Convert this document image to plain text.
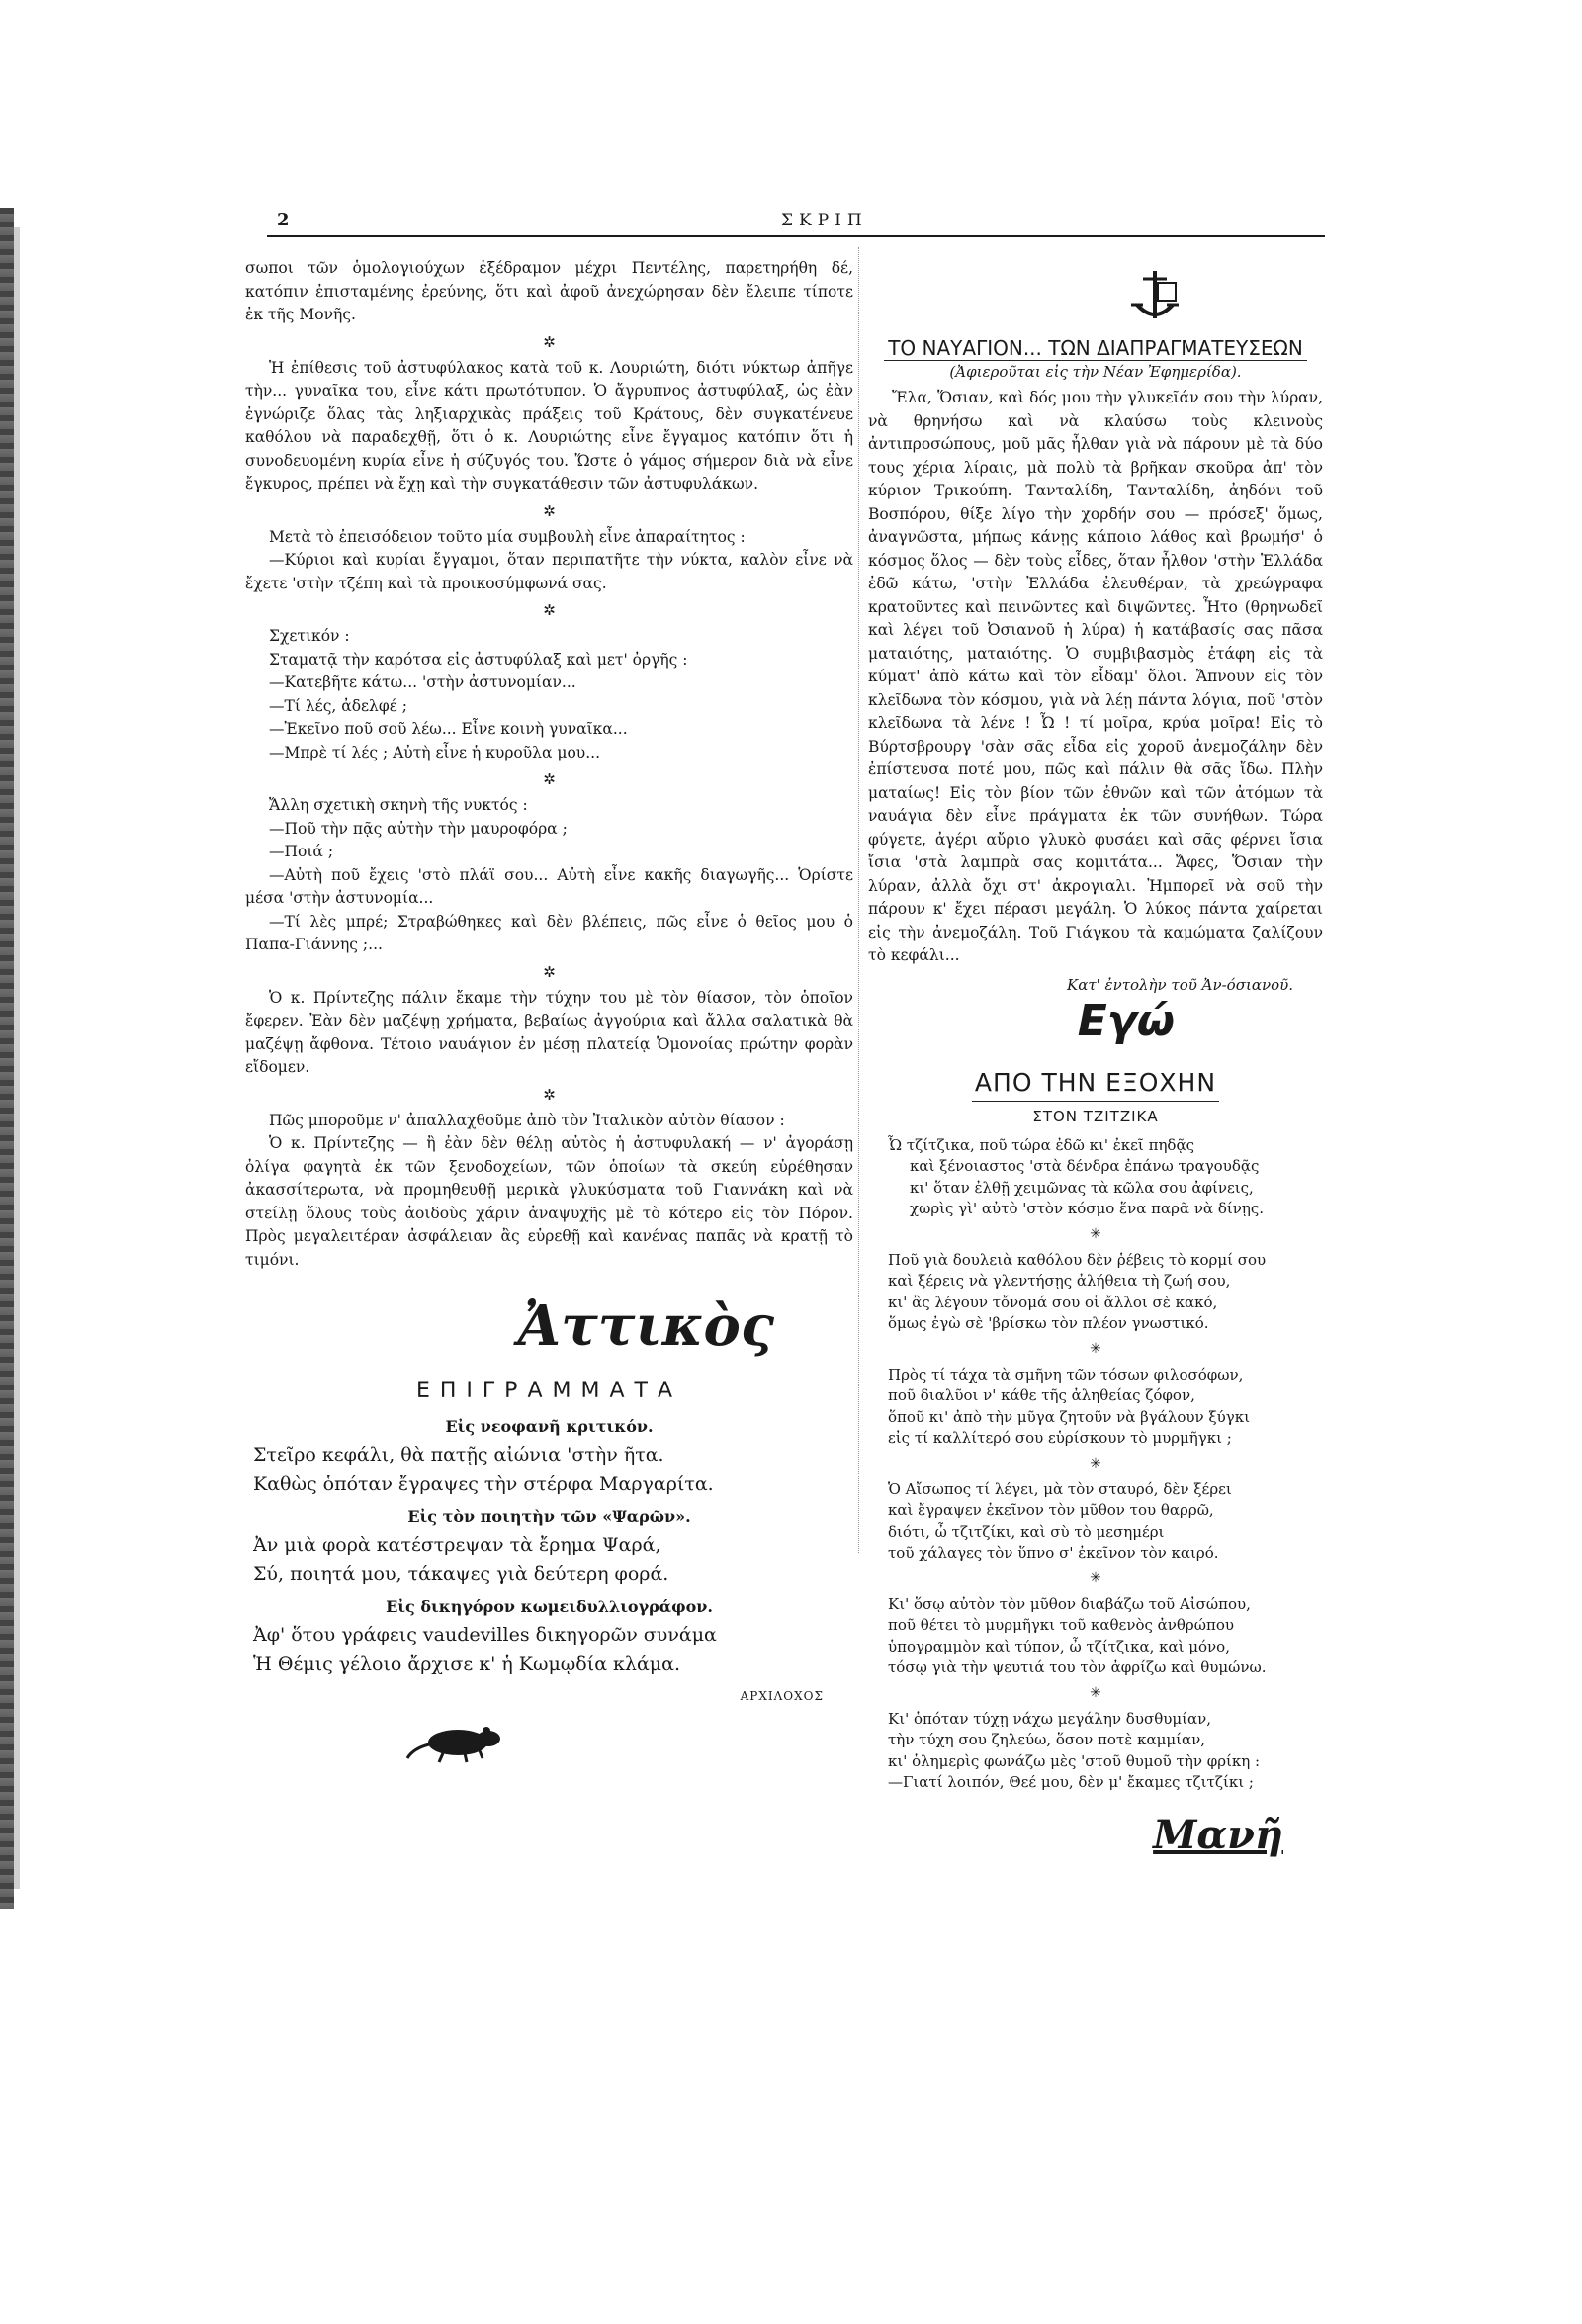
2	ΣΚΡΙΠ

σωποι τῶν ὁμολογιούχων ἐξέδραμον μέχρι Πεντέλης, παρετηρήθη δέ, κατόπιν ἐπισταμένης ἐρεύνης, ὅτι καὶ ἀφοῦ ἀνεχώρησαν δὲν ἔλειπε τίποτε ἐκ τῆς Μονῆς.

✲

Ἡ ἐπίθεσις τοῦ ἀστυφύλακος κατὰ τοῦ κ. Λουριώτη, διότι νύκτωρ ἀπῆγε τὴν... γυναῖκα του, εἶνε κάτι πρωτότυπον. Ὁ ἄγρυπνος ἀστυφύλαξ, ὡς ἐὰν ἐγνώριζε ὅλας τὰς ληξιαρχικὰς πράξεις τοῦ Κράτους, δὲν συγκατένευε καθόλου νὰ παραδεχθῇ, ὅτι ὁ κ. Λουριώτης εἶνε ἔγγαμος κατόπιν ὅτι ἡ συνοδευομένη κυρία εἶνε ἡ σύζυγός του. Ὥστε ὁ γάμος σήμερον διὰ νὰ εἶνε ἔγκυρος, πρέπει νὰ ἔχῃ καὶ τὴν συγκατάθεσιν τῶν ἀστυφυλάκων.

✲

Μετὰ τὸ ἐπεισόδειον τοῦτο μία συμβουλὴ εἶνε ἀπαραίτητος :

—Κύριοι καὶ κυρίαι ἔγγαμοι, ὅταν περιπατῆτε τὴν νύκτα, καλὸν εἶνε νὰ ἔχετε 'στὴν τζέπη καὶ τὰ προικοσύμφωνά σας.

✲
Σχετικόν :
Σταματᾷ τὴν καρότσα εἰς ἀστυφύλαξ καὶ μετ' ὀργῆς :
—Κατεβῆτε κάτω... 'στὴν ἀστυνομίαν...
—Τί λές, ἀδελφέ ;
—Ἐκεῖνο ποῦ σοῦ λέω... Εἶνε κοινὴ γυναῖκα...
—Μπρὲ τί λές ; Αὐτὴ εἶνε ἡ κυροῦλα μου...
✲
Ἄλλη σχετικὴ σκηνὴ τῆς νυκτός :
—Ποῦ τὴν πᾷς αὐτὴν τὴν μαυροφόρα ;
—Ποιά ;

—Αὐτὴ ποῦ ἔχεις 'στὸ πλάϊ σου... Αὐτὴ εἶνε κακῆς διαγωγῆς... Ὁρίστε μέσα 'στὴν ἀστυνομία...

—Τί λὲς μπρέ; Στραβώθηκες καὶ δὲν βλέπεις, πῶς εἶνε ὁ θεῖος μου ὁ Παπα-Γιάννης ;...

✲

Ὁ κ. Πρίντεζης πάλιν ἔκαμε τὴν τύχην του μὲ τὸν θίασον, τὸν ὁποῖον ἔφερεν. Ἐὰν δὲν μαζέψῃ χρήματα, βεβαίως ἀγγούρια καὶ ἄλλα σαλατικὰ θὰ μαζέψῃ ἄφθονα. Τέτοιο ναυάγιον ἐν μέσῃ πλατείᾳ Ὁμονοίας πρώτην φορὰν εἴδομεν.

✲

Πῶς μποροῦμε ν' ἀπαλλαχθοῦμε ἀπὸ τὸν Ἰταλικὸν αὐτὸν θίασον :

Ὁ κ. Πρίντεζης — ἢ ἐὰν δὲν θέλῃ αὐτὸς ἡ ἀστυφυλακή — ν' ἀγοράσῃ ὀλίγα φαγητὰ ἐκ τῶν ξενοδοχείων, τῶν ὁποίων τὰ σκεύη εὑρέθησαν ἀκασσίτερωτα, νὰ προμηθευθῇ μερικὰ γλυκύσματα τοῦ Γιαννάκη καὶ νὰ στείλῃ ὅλους τοὺς ἀοιδοὺς χάριν ἀναψυχῆς μὲ τὸ κότερο εἰς τὸν Πόρον. Πρὸς μεγαλειτέραν ἀσφάλειαν ἂς εὑρεθῇ καὶ κανένας παπᾶς νὰ κρατῇ τὸ τιμόνι.

Ἀττικὸς
ΕΠΙΓΡΑΜΜΑΤΑ
Εἰς νεοφανῆ κριτικόν.
Στεῖρο κεφάλι, θὰ πατῇς αἰώνια 'στὴν ῆτα.
Καθὼς ὁπόταν ἔγραψες τὴν στέρφα Μαργαρίτα.
Εἰς τὸν ποιητὴν τῶν «Ψαρῶν».
Ἀν μιὰ φορὰ κατέστρεψαν τὰ ἔρημα Ψαρά,
Σύ, ποιητά μου, τάκαψες γιὰ δεύτερη φορά.
Εἰς δικηγόρον κωμειδυλλιογράφον.
Ἀφ' ὅτου γράφεις vaudevilles δικηγορῶν συνάμα
Ἡ Θέμις γέλοιο ἄρχισε κ' ἡ Κωμῳδία κλάμα.
ΑΡΧΙΛΟΧΟΣ
ΤΟ ΝΑΥΑΓΙΟΝ... ΤΩΝ ΔΙΑΠΡΑΓΜΑΤΕΥΣΕΩΝ
(Ἀφιεροῦται εἰς τὴν Νέαν Ἐφημερίδα).

Ἔλα, Ὅσιαν, καὶ δός μου τὴν γλυκεῖάν σου τὴν λύραν, νὰ θρηνήσω καὶ νὰ κλαύσω τοὺς κλεινοὺς ἀντιπροσώπους, μοῦ μᾶς ἦλθαν γιὰ νὰ πάρουν μὲ τὰ δύο τους χέρια λίραις, μὰ πολὺ τὰ βρῆκαν σκοῦρα ἀπ' τὸν κύριον Τρικούπη. Τανταλίδη, Τανταλίδη, ἀηδόνι τοῦ Βοσπόρου, θίξε λίγο τὴν χορδήν σου — πρόσεξ' ὅμως, ἀναγνῶστα, μήπως κάνῃς κάποιο λάθος καὶ βρωμήσ' ὁ κόσμος ὅλος — δὲν τοὺς εἶδες, ὅταν ἦλθον 'στὴν Ἑλλάδα ἐδῶ κάτω, 'στὴν Ἑλλάδα ἐλευθέραν, τὰ χρεώγραφα κρατοῦντες καὶ πεινῶντες καὶ διψῶντες. Ἦτο (θρηνωδεῖ καὶ λέγει τοῦ Ὀσιανοῦ ἡ λύρα) ἡ κατάβασίς σας πᾶσα ματαιότης, ματαιότης. Ὁ συμβιβασμὸς ἐτάφη εἰς τὰ κύματ' ἀπὸ κάτω καὶ τὸν εἶδαμ' ὅλοι. Ἄπνουν εἰς τὸν κλεῖδωνα τὸν κόσμου, γιὰ νὰ λέῃ πάντα λόγια, ποῦ 'στὸν κλεῖδωνα τὰ λένε ! Ὦ ! τί μοῖρα, κρύα μοῖρα! Εἰς τὸ Βύρτσβρουργ 'σὰν σᾶς εἶδα εἰς χοροῦ ἀνεμοζάλην δὲν ἐπίστευσα ποτέ μου, πῶς καὶ πάλιν θὰ σᾶς ἴδω. Πλὴν ματαίως! Εἰς τὸν βίον τῶν ἐθνῶν καὶ τῶν ἀτόμων τὰ ναυάγια δὲν εἶνε πράγματα ἐκ τῶν συνήθων. Τώρα φύγετε, ἀγέρι αὔριο γλυκὸ φυσάει καὶ σᾶς φέρνει ἴσια ἴσια 'στὰ λαμπρὰ σας κομιτάτα... Ἄφες, Ὅσιαν τὴν λύραν, ἀλλὰ ὄχι στ' ἀκρογιαλι. Ἠμπορεῖ νὰ σοῦ τὴν πάρουν κ' ἔχει πέρασι μεγάλη. Ὁ λύκος πάντα χαίρεται εἰς τὴν ἀνεμοζάλη. Τοῦ Γιάγκου τὰ καμώματα ζαλίζουν τὸ κεφάλι...

Κατ' ἐντολὴν τοῦ Ἀν-όσιανοῦ.
Εγώ
ΑΠΟ ΤΗΝ ΕΞΟΧΗΝ
ΣΤΟΝ ΤΖΙΤΖΙΚΑ
Ὦ τζίτζικα, ποῦ τώρα ἐδῶ κι' ἐκεῖ πηδᾷς
καὶ ξένοιαστος 'στὰ δένδρα ἐπάνω τραγουδᾷς
κι' ὅταν ἐλθῇ χειμῶνας τὰ κῶλα σου ἀφίνεις,
χωρὶς γὶ' αὐτὸ 'στὸν κόσμο ἕνα παρᾶ νὰ δίνῃς.
✳
Ποῦ γιὰ δουλειὰ καθόλου δὲν ῥέβεις τὸ κορμί σου
καὶ ξέρεις νὰ γλεντήσῃς ἀλήθεια τὴ ζωή σου,
κι' ἂς λέγουν τὄνομά σου οἱ ἄλλοι σὲ κακό,
ὅμως ἐγὼ σὲ 'βρίσκω τὸν πλέον γνωστικό.
✳
Πρὸς τί τάχα τὰ σμῆνη τῶν τόσων φιλοσόφων,
ποῦ διαλῦοι ν' κάθε τῆς ἀληθείας ζόφον,
ὅποῦ κι' ἀπὸ τὴν μῦγα ζητοῦν νὰ βγάλουν ξύγκι
εἰς τί καλλίτερό σου εὑρίσκουν τὸ μυρμῆγκι ;
✳
Ὁ Αἴσωπος τί λέγει, μὰ τὸν σταυρό, δὲν ξέρει
καὶ ἔγραψεν ἐκεῖνον τὸν μῦθον του θαρρῶ,
διότι, ὦ τζιτζίκι, καὶ σὺ τὸ μεσημέρι
τοῦ χάλαγες τὸν ὕπνο σ' ἐκεῖνον τὸν καιρό.
✳
Κι' ὅσῳ αὐτὸν τὸν μῦθον διαβάζω τοῦ Αἰσώπου,
ποῦ θέτει τὸ μυρμῆγκι τοῦ καθενὸς ἀνθρώπου
ὑπογραμμὸν καὶ τύπον, ὦ τζίτζικα, καὶ μόνο,
τόσῳ γιὰ τὴν ψευτιά του τὸν ἀφρίζω καὶ θυμώνω.
✳
Κι' ὁπόταν τύχῃ νάχω μεγάλην δυσθυμίαν,
τὴν τύχη σου ζηλεύω, ὅσον ποτὲ καμμίαν,
κι' ὁλημερὶς φωνάζω μὲς 'στοῦ θυμοῦ τὴν φρίκη :
—Γιατί λοιπόν, Θεέ μου, δὲν μ' ἔκαμες τζιτζίκι ;
Μανῆ
